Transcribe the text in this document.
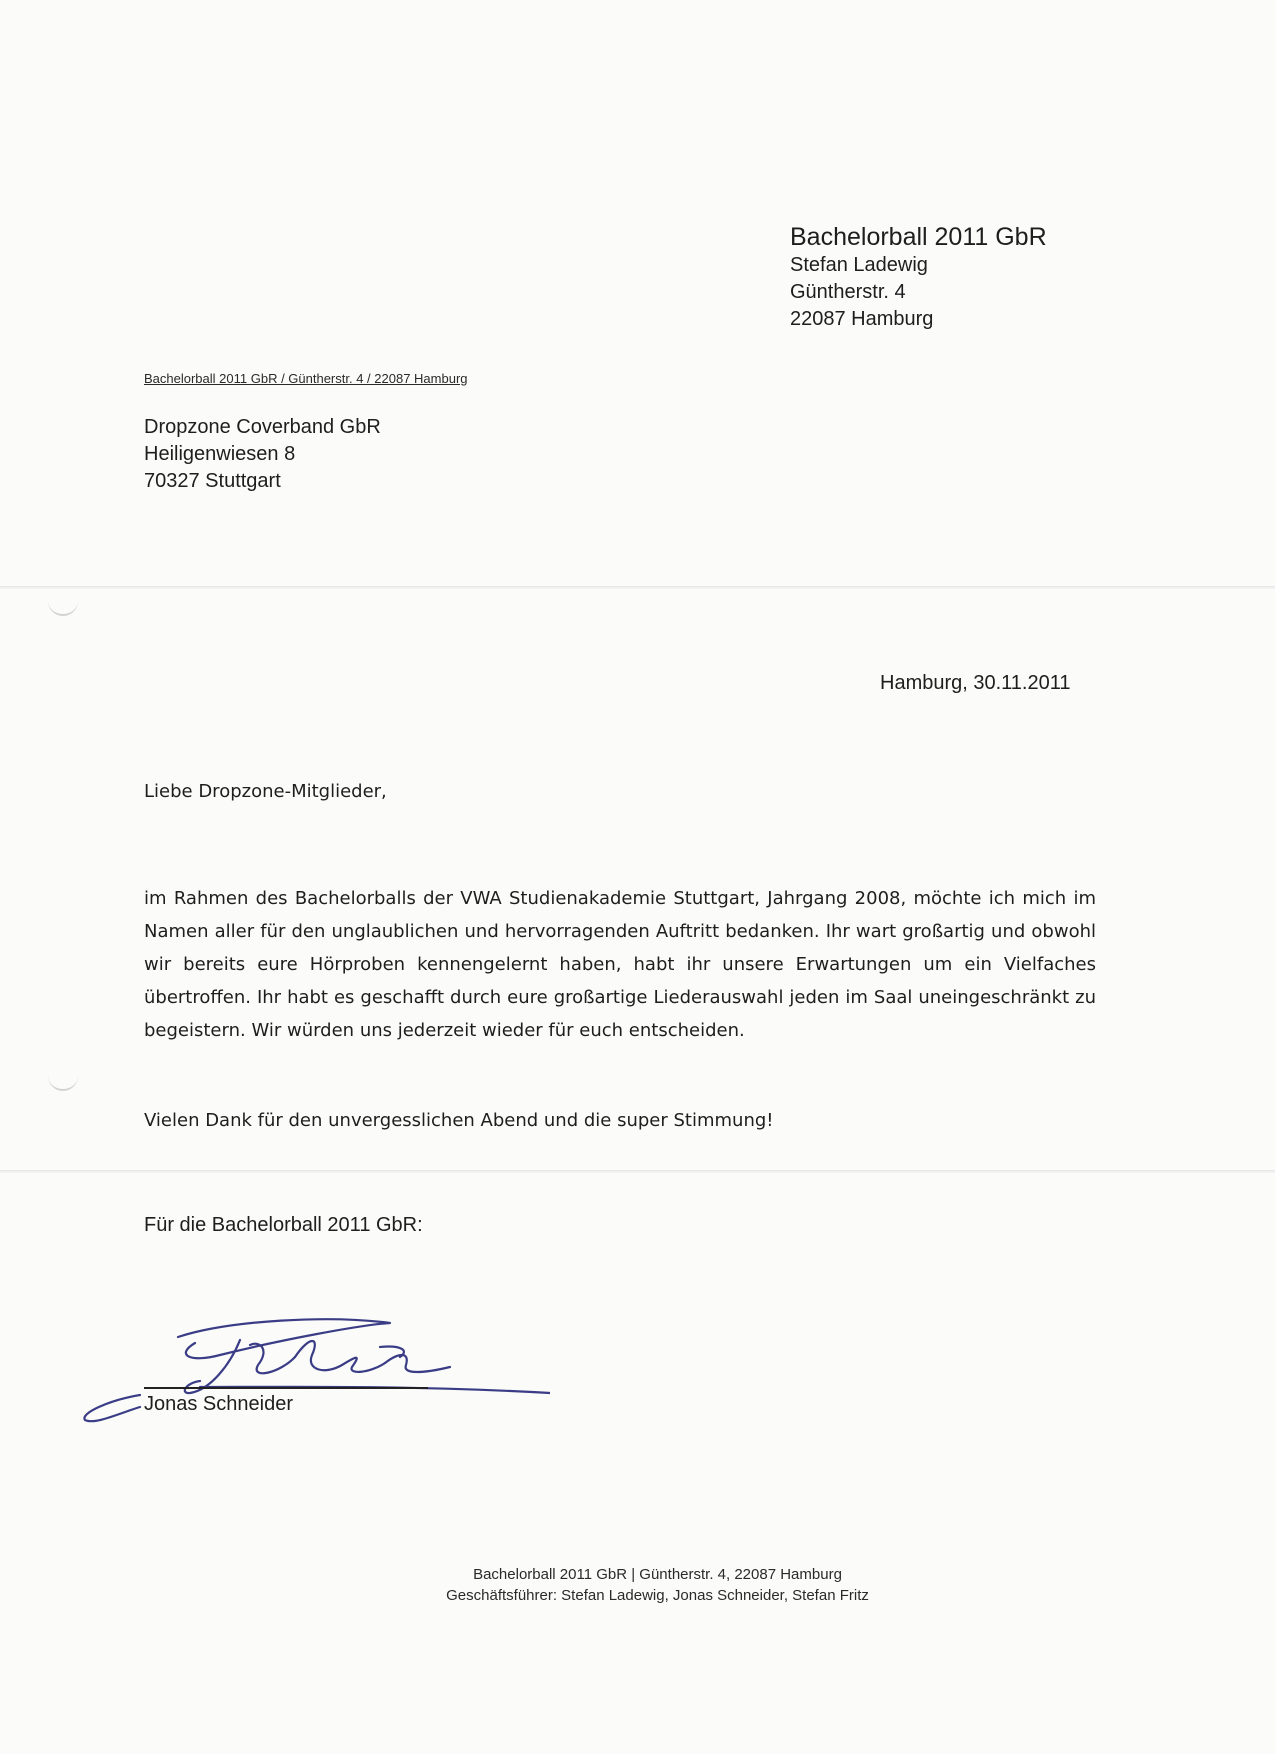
Bachelorball 2011 GbR
Stefan Ladewig
Güntherstr. 4
22087 Hamburg
Bachelorball 2011 GbR / Güntherstr. 4 / 22087 Hamburg
Dropzone Coverband GbR
Heiligenwiesen 8
70327 Stuttgart
Hamburg, 30.11.2011
Liebe Dropzone-Mitglieder,
im Rahmen des Bachelorballs der VWA Studienakademie Stuttgart, Jahrgang 2008, möchte ich mich im Namen aller für den unglaublichen und hervorragenden Auftritt bedanken. Ihr wart großartig und obwohl wir bereits eure Hörproben kennengelernt haben, habt ihr unsere Erwartungen um ein Vielfaches übertroffen. Ihr habt es geschafft durch eure großartige Liederauswahl jeden im Saal uneingeschränkt zu begeistern. Wir würden uns jederzeit wieder für euch entscheiden.
Vielen Dank für den unvergesslichen Abend und die super Stimmung!
Für die Bachelorball 2011 GbR:
Jonas Schneider
Bachelorball 2011 GbR | Güntherstr. 4, 22087 Hamburg
Geschäftsführer: Stefan Ladewig, Jonas Schneider, Stefan Fritz
